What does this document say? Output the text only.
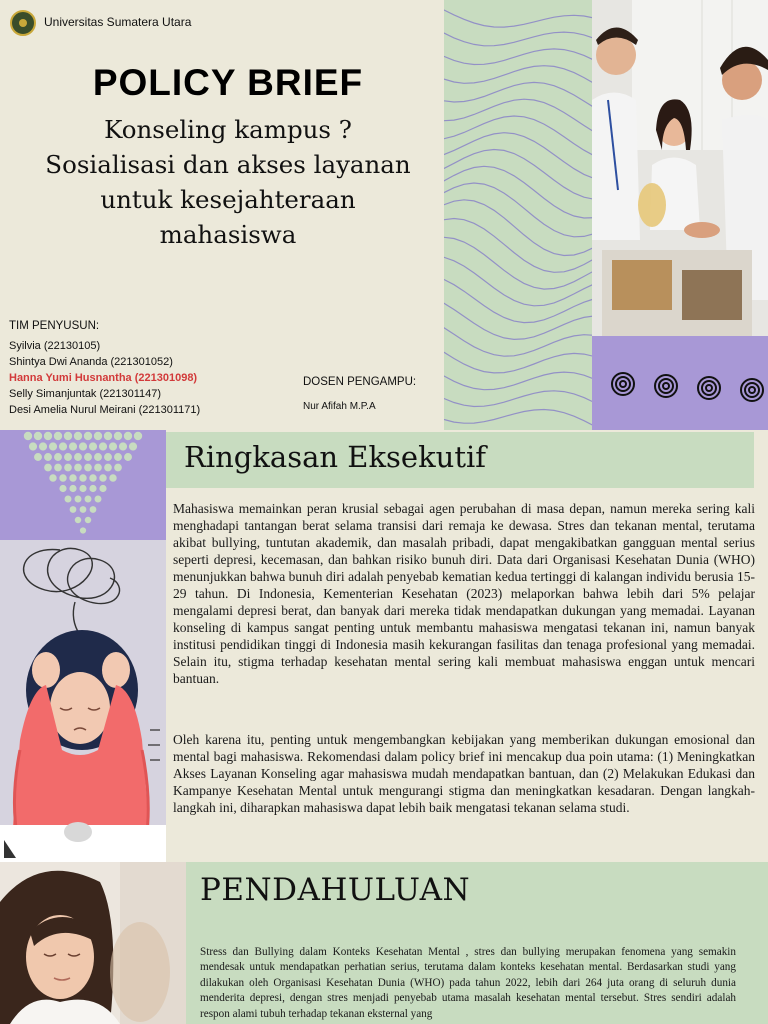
Universitas Sumatera Utara
POLICY BRIEF
Konseling kampus ?
Sosialisasi dan akses layanan
untuk kesejahteraan
mahasiswa
TIM PENYUSUN:
Syilvia (22130105)
Shintya Dwi Ananda (221301052)
Hanna Yumi Husnantha (221301098)
Selly Simanjuntak (221301147)
Desi Amelia Nurul Meirani (221301171)
DOSEN PENGAMPU:
Nur Afifah M.P.A
Ringkasan Eksekutif
Mahasiswa memainkan peran krusial sebagai agen perubahan di masa depan, namun mereka sering kali menghadapi tantangan berat selama transisi dari remaja ke dewasa. Stres dan tekanan mental, terutama akibat bullying, tuntutan akademik, dan masalah pribadi, dapat mengakibatkan gangguan mental serius seperti depresi, kecemasan, dan bahkan risiko bunuh diri. Data dari Organisasi Kesehatan Dunia (WHO) menunjukkan bahwa bunuh diri adalah penyebab kematian kedua tertinggi di kalangan individu berusia 15-29 tahun. Di Indonesia, Kementerian Kesehatan (2023) melaporkan bahwa lebih dari 5% pelajar mengalami depresi berat, dan banyak dari mereka tidak mendapatkan dukungan yang memadai. Layanan konseling di kampus sangat penting untuk membantu mahasiswa mengatasi tekanan ini, namun banyak institusi pendidikan tinggi di Indonesia masih kekurangan fasilitas dan tenaga profesional yang memadai. Selain itu, stigma terhadap kesehatan mental sering kali membuat mahasiswa enggan untuk mencari bantuan.
Oleh karena itu, penting untuk mengembangkan kebijakan yang memberikan dukungan emosional dan mental bagi mahasiswa. Rekomendasi dalam policy brief ini mencakup dua poin utama: (1) Meningkatkan Akses Layanan Konseling agar mahasiswa mudah mendapatkan bantuan, dan (2) Melakukan Edukasi dan Kampanye Kesehatan Mental untuk mengurangi stigma dan meningkatkan kesadaran. Dengan langkah-langkah ini, diharapkan mahasiswa dapat lebih baik mengatasi tekanan selama studi.
PENDAHULUAN
Stress dan Bullying dalam Konteks Kesehatan Mental , stres dan bullying merupakan fenomena yang semakin mendesak untuk mendapatkan perhatian serius, terutama dalam konteks kesehatan mental. Berdasarkan studi yang dilakukan oleh Organisasi Kesehatan Dunia (WHO) pada tahun 2022, lebih dari 264 juta orang di seluruh dunia menderita depresi, dengan stres menjadi penyebab utama masalah kesehatan mental tersebut. Stres sendiri adalah respon alami tubuh terhadap tekanan eksternal yang
